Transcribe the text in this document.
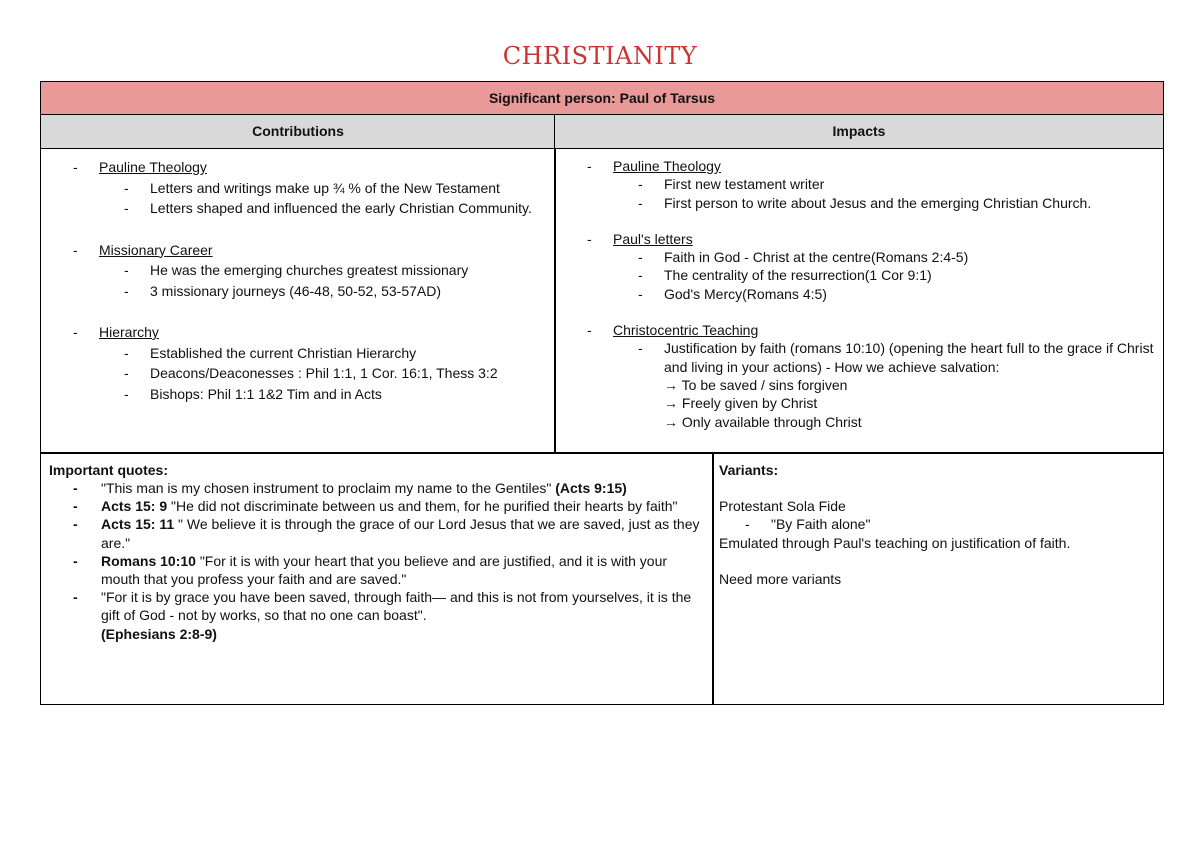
CHRISTIANITY
Significant person: Paul of Tarsus
Contributions	Impacts
- Pauline Theology
- Letters and writings make up ¾ % of the New Testament
- Letters shaped and influenced the early Christian Community.
- Missionary Career
- He was the emerging churches greatest missionary
- 3 missionary journeys (46-48, 50-52, 53-57AD)
- Hierarchy
- Established the current Christian Hierarchy
- Deacons/Deaconesses : Phil 1:1, 1 Cor. 16:1, Thess 3:2
- Bishops: Phil 1:1 1&2 Tim and in Acts
- Pauline Theology
- First new testament writer
- First person to write about Jesus and the emerging Christian Church.
- Paul's letters
- Faith in God - Christ at the centre(Romans 2:4-5)
- The centrality of the resurrection(1 Cor 9:1)
- God's Mercy(Romans 4:5)
- Christocentric Teaching
- Justification by faith (romans 10:10) (opening the heart full to the grace if Christ and living in your actions) - How we achieve salvation:
→ To be saved / sins forgiven
→ Freely given by Christ
→ Only available through Christ
Important quotes:
- "This man is my chosen instrument to proclaim my name to the Gentiles" (Acts 9:15)
- Acts 15: 9 "He did not discriminate between us and them, for he purified their hearts by faith"
- Acts 15: 11 " We believe it is through the grace of our Lord Jesus that we are saved, just as they are."
- Romans 10:10 "For it is with your heart that you believe and are justified, and it is with your mouth that you profess your faith and are saved."
- "For it is by grace you have been saved, through faith— and this is not from yourselves, it is the gift of God - not by works, so that no one can boast".
(Ephesians 2:8-9)
Variants:
Protestant Sola Fide
- "By Faith alone"
Emulated through Paul's teaching on justification of faith.
Need more variants
